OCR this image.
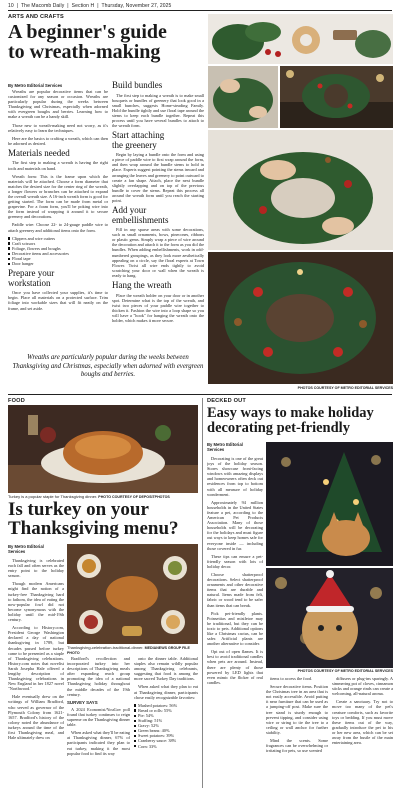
10  |  The Macomb Daily  |  Section H  |  Thursday, November 27, 2025
ARTS AND CRAFTS
A beginner's guide
to wreath-making
By Metro Editorial Services

Wreaths are popular decorative items that can be customized for any season or occasion. Wreaths are particularly popular during the weeks between Thanksgiving and Christmas, especially when adorned with evergreen boughs and berries. Learning how to make a wreath can be a handy skill.

Those new to wreath-making need not worry, as it's relatively easy to learn the techniques.

Here are the basics to crafting a wreath, which can then be adorned as desired.

Materials needed

The first step to making a wreath is having the right tools and materials on hand.

Wreath form: This is the frame upon which the materials will be attached. Choose a form diameter that matches the desired size for the center ring of the wreath, a longer flowers or branches can be attached to expand the overall wreath size. A 16-inch wreath form is good for getting started. The form can be made from metal or grapevine. For a foam form, you'll be poking wire into the form instead of wrapping it around it to secure greenery and decorations.

Paddle wire: Choose 22- to 24-gauge paddle wire to attach greenery and additional items onto the form.

Clippers and wire cutters
Craft scissors
Foliage, flowers and boughs
Decorative items and accessories
Floral tape
Door hanger
Prepare your
workstation

Once you have collected your supplies, it's time to begin. Place all materials on a protected surface. Trim foliage into workable sizes that will fit neatly on the frame, and set aside.

Build bundles

The first step to making a wreath is to make small bouquets or bundles of greenery that look good in a small bunches, suggests Home-steading Family. Hold the bundle tightly and use floral tape around the stems to keep each bundle together. Repeat this process until you have several bundles to attach to the wreath form.

Start attaching
the greenery

Begin by laying a bundle onto the form and using a piece of paddle wire to first wrap around the form, and then wrap around the bundle stems to hold in place. Experts suggest pointing the stems inward and arranging the leaves and greenery to point outward to create a fan shape. Attach, place the next bundle slightly overlapping and on top of the previous bundle to cover the stems. Repeat this process all around the wreath form until you reach the starting point.

Add your
embellishments

Fill in any sparse areas with some decorations, such as small ornaments, bows, pinecones, ribbons or plastic gems. Simply wrap a piece of wire around the decoration and attach it to the form as you did the bundles. When adding embellishments, work in odd-numbered groupings, as they look more aesthetically appealing on a circle, say the floral experts at Town Flower. Twist all wire ends tightly to avoid scratching your door or wall when the wreath is ready to hang.

Hang the wreath

Place the wreath holder on your door or in another spot. Determine what is the top of the wreath, and twist two pieces of your paddle wire together to thicken it. Fashion the wire into a loop shape so you will have a "hook" for hanging the wreath onto the holder, which makes it more secure.

Wreaths are particularly popular during the weeks between Thanksgiving and Christmas, especially when adorned with evergreen boughs and berries.
PHOTOS COURTESY OF METRO EDITORIAL SERVICES
FOOD
Turkey is a popular staple for Thanksgiving dinner. PHOTO COURTESY OF DEPOSITPHOTOS
Is turkey on your
Thanksgiving menu?
By Metro Editorial Services

Thanksgiving is celebrated each fall and often serves as the entry point to the holiday season.

Though modern Americans might find the notion of a turkey-free Thanksgiving hard to fathom, the idea of eating the now-popular fowl did not become synonymous with the holiday until the mid-19th century.

According to History.com, President George Washington declared a day of national thanksgiving in 1789, but decades passed before turkey came to be presented as a staple of Thanksgiving celebrations. History.com notes that novelist Sarah Josepha Hale offered a lengthy description of Thanksgiving celebrations in New England in her 1827 novel "Northwood."

Hale eventually drew on the writings of William Bradford, who served as governor of the Plymouth Colony from 1621-1657. Bradford's history of the colony noted the abundance of turkeys around the time of the first Thanksgiving meal, and Hale ultimately drew on

Thanksgiving-celebration-traditional-dinner. MEDIANEWS GROUP FILE PHOTO

Bradford's recollection and incorporated turkey into her descriptions of Thanksgiving meals after expanding reach group promoting the idea of a national Thanksgiving holiday throughout the middle decades of the 19th century.

SURVEY SAYS

A 2024 Economist/YouGov poll found that turkey continues to reign supreme on the Thanksgiving dinner table.

When asked what they'll be eating at Thanksgiving dinner, 67% of participants indicated they plan to eat turkey, making it the most popular food to find its way

onto the dinner table. Additional staples also remain wildly popular among Thanksgiving celebrants, suggesting that food is among the more sacred Turkey Day traditions.

When asked what they plan to eat at Thanksgiving dinner, participants chose easily recognizable favorites:

Mashed potatoes: 56%
Bread or rolls: 55%
Pie: 54%
Stuffing: 51%
Gravy: 52%
Green beans: 40%
Sweet potatoes: 39%
Cranberry sauce: 38%
Corn: 33%
DECKED OUT
Easy ways to make holiday
decorating pet-friendly
By Metro Editorial Services

Decorating is one of the great joys of the holiday season. Stores showcase front-facing windows with amazing displays and homeowners often deck out residences from top to bottom with all measure of holiday wonderment.

Approximately 94 million households in the United States feature a pet, according to the American Pet Products Association. Many of those households will be decorating for the holidays and must figure out ways to keep homes safe for everyone inside — including those covered in fur.

These tips can ensure a pet-friendly season with lots of holiday decor.

Choose shatterproof decorations. Select shatterproof ornaments and other decorative items that are durable and natural. Items made from felt, fabric or wood tend to be safer than items that can break.

Pick pet-friendly plants. Poinsettias and mistletoe may be traditional, but they can be toxic to pets. Additional options like a Christmas cactus, can be safer. Artificial plants are another alternative to consider.

Opt out of open flames. It is best to avoid traditional candles when pets are around. Instead, there are plenty of those powered by LED lights that even mimic the flicker of real candles.

PHOTOS COURTESY OF METRO EDITORIAL SERVICES

items to access the food.

Secure decorative items. Position the Christmas tree in an area that is not easily accessible. Avoid putting it near furniture that can be used as a jumping-off post. Make sure the tree stand is sturdy enough to prevent tipping, and consider using wire or string to tie the tree to a ceiling or wall anchor for further stability.

Mind the scents. Some fragrances can be overwhelming or irritating for pets, so use scented

diffusers or plug-ins sparingly. A simmering pot of cloves, cinnamon sticks and orange rinds can create a welcoming, all-natural aroma.

Create a sanctuary. Try not to move too many of the pet's creature comforts, such as favorite toys or bedding. If you must move these items out of the way, gradually introduce the pet to his or her new area, which can be set away from the bustle of the main entertaining area.
